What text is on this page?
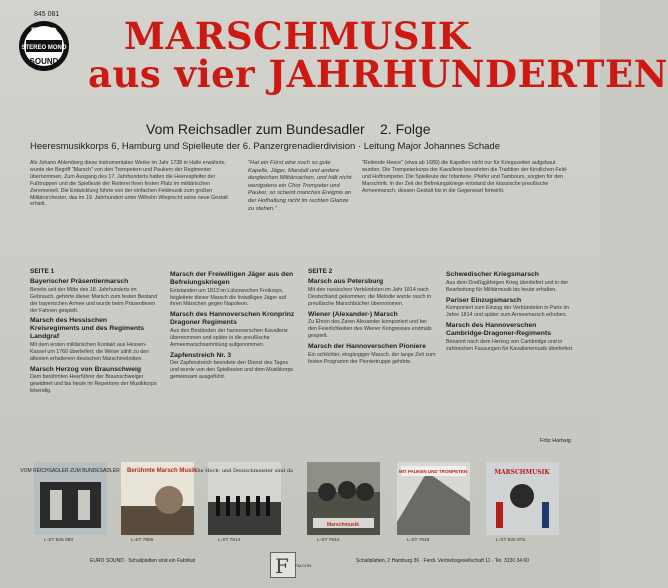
845 081
EURO
STEREO MONO
SOUND
MARSCHMUSIK
aus vier JAHRHUNDERTEN
Vom Reichsadler zum Bundesadler 2. Folge
Heeresmusikkorps 6, Hamburg und Spielleute der 6. Panzergrenadierdivision · Leitung Major Johannes Schade

Als Johann Ahlemberg diese instrumentalen Werke im Jahr 1738 in Halle erwähnte, wurde der Begriff "Marsch" von den Trompetern und Paukern der Regimenter übernommen. Zum Ausgang des 17. Jahrhunderts hatten die Heerespfeifer der Fußtruppen und die Spielleute der Reiterei ihren festen Platz im militärischen Zeremoniell. Die Entwicklung führte von der einfachen Feldmusik zum großen Militärorchester, das im 19. Jahrhundert unter Wilhelm Wieprecht seine neue Gestalt erhielt.

"Hat ein Fürst eine noch so gute Kapelle, Jäger, Marstall und andere dergleichen Militärsachen, und hält nicht wenigstens ein Chor Trompeter und Pauker, so scheint manches Ereignis an der Hofhaltung nicht im rechten Glanze zu stehen."

"Reitende Heere" (etwa ab 1680) die Kapellen nicht nur für Kriegszeiten aufgebaut wurden. Die Trompeterkorps der Kavallerie bewahrten die Tradition der fürstlichen Feld- und Hoftrompeter. Die Spielleute der Infanterie, Pfeifer und Tambours, sorgten für den Marschtritt. In der Zeit der Befreiungskriege entstand der klassische preußische Armeemarsch, dessen Gestalt bis in die Gegenwart fortwirkt.

SEITE 1
Bayerischer Präsentiermarsch

Bereits seit der Mitte des 18. Jahrhunderts im Gebrauch, gehörte dieser Marsch zum festen Bestand der bayerischen Armee und wurde beim Präsentieren der Fahnen gespielt.

Marsch des Hessischen Kreisregiments und des Regiments Landgraf

Mit dem ersten militärischen Kontakt aus Hessen-Kassel um 1760 überliefert; die Weise zählt zu den ältesten erhaltenen deutschen Marschmelodien.

Marsch Herzog von Braunschweig

Dem berühmten Heerführer der Braunschweiger gewidmet und bis heute im Repertoire der Musikkorps lebendig.

Marsch der Freiwilligen Jäger aus den Befreiungskriegen

Entstanden um 1813 im Lützowschen Freikorps, begleitete dieser Marsch die freiwilligen Jäger auf ihren Märschen gegen Napoleon.

Marsch des Hannoverschen Kronprinz Dragoner Regiments

Aus den Beständen der hannoverschen Kavallerie übernommen und später in die preußische Armeemarschsammlung aufgenommen.

Zapfenstreich Nr. 3

Der Zapfenstreich beendete den Dienst des Tages und wurde von den Spielleuten und dem Musikkorps gemeinsam ausgeführt.

SEITE 2
Marsch aus Petersburg

Mit den russischen Verbündeten im Jahr 1814 nach Deutschland gekommen; die Melodie wurde rasch in preußische Marschbücher übernommen.

Wiener (Alexander-) Marsch

Zu Ehren des Zaren Alexander komponiert und bei den Feierlichkeiten des Wiener Kongresses erstmals gespielt.

Marsch der Hannoverschen Pioniere

Ein schlichter, eingängiger Marsch, der lange Zeit zum festen Programm der Pioniertruppe gehörte.

Schwedischer Kriegsmarsch

Aus dem Dreißigjährigen Krieg überliefert und in der Bearbeitung für Militärmusik bis heute erhalten.

Pariser Einzugsmarsch

Komponiert zum Einzug der Verbündeten in Paris im Jahre 1814 und später zum Armeemarsch erhoben.

Marsch des Hannoverschen Cambridge-Dragoner-Regiments

Benannt nach dem Herzog von Cambridge und in zahlreichen Fassungen für Kavalleriemusik überliefert.

Fritz Hartwig
VOM REICHSADLER ZUM BUNDESADLER
L-ST 845 080
Berühmte Marsch Musik
L-ST 7956
Die Hoch- und Deutschmeister sind da
L-ST 7914
Marschmusik
L-ST 7944
MIT PAUKEN UND TROMPETEN
L-ST 7919
MARSCHMUSIK
L-ST 845 075
EURO SOUND · Schallplatten sind ein Fabrikat	F FALCON
Schallplatten, 2 Hamburg 36 · Ferdi. Vertriebsgesellschaft 11 · Tel. 3130 34 60
